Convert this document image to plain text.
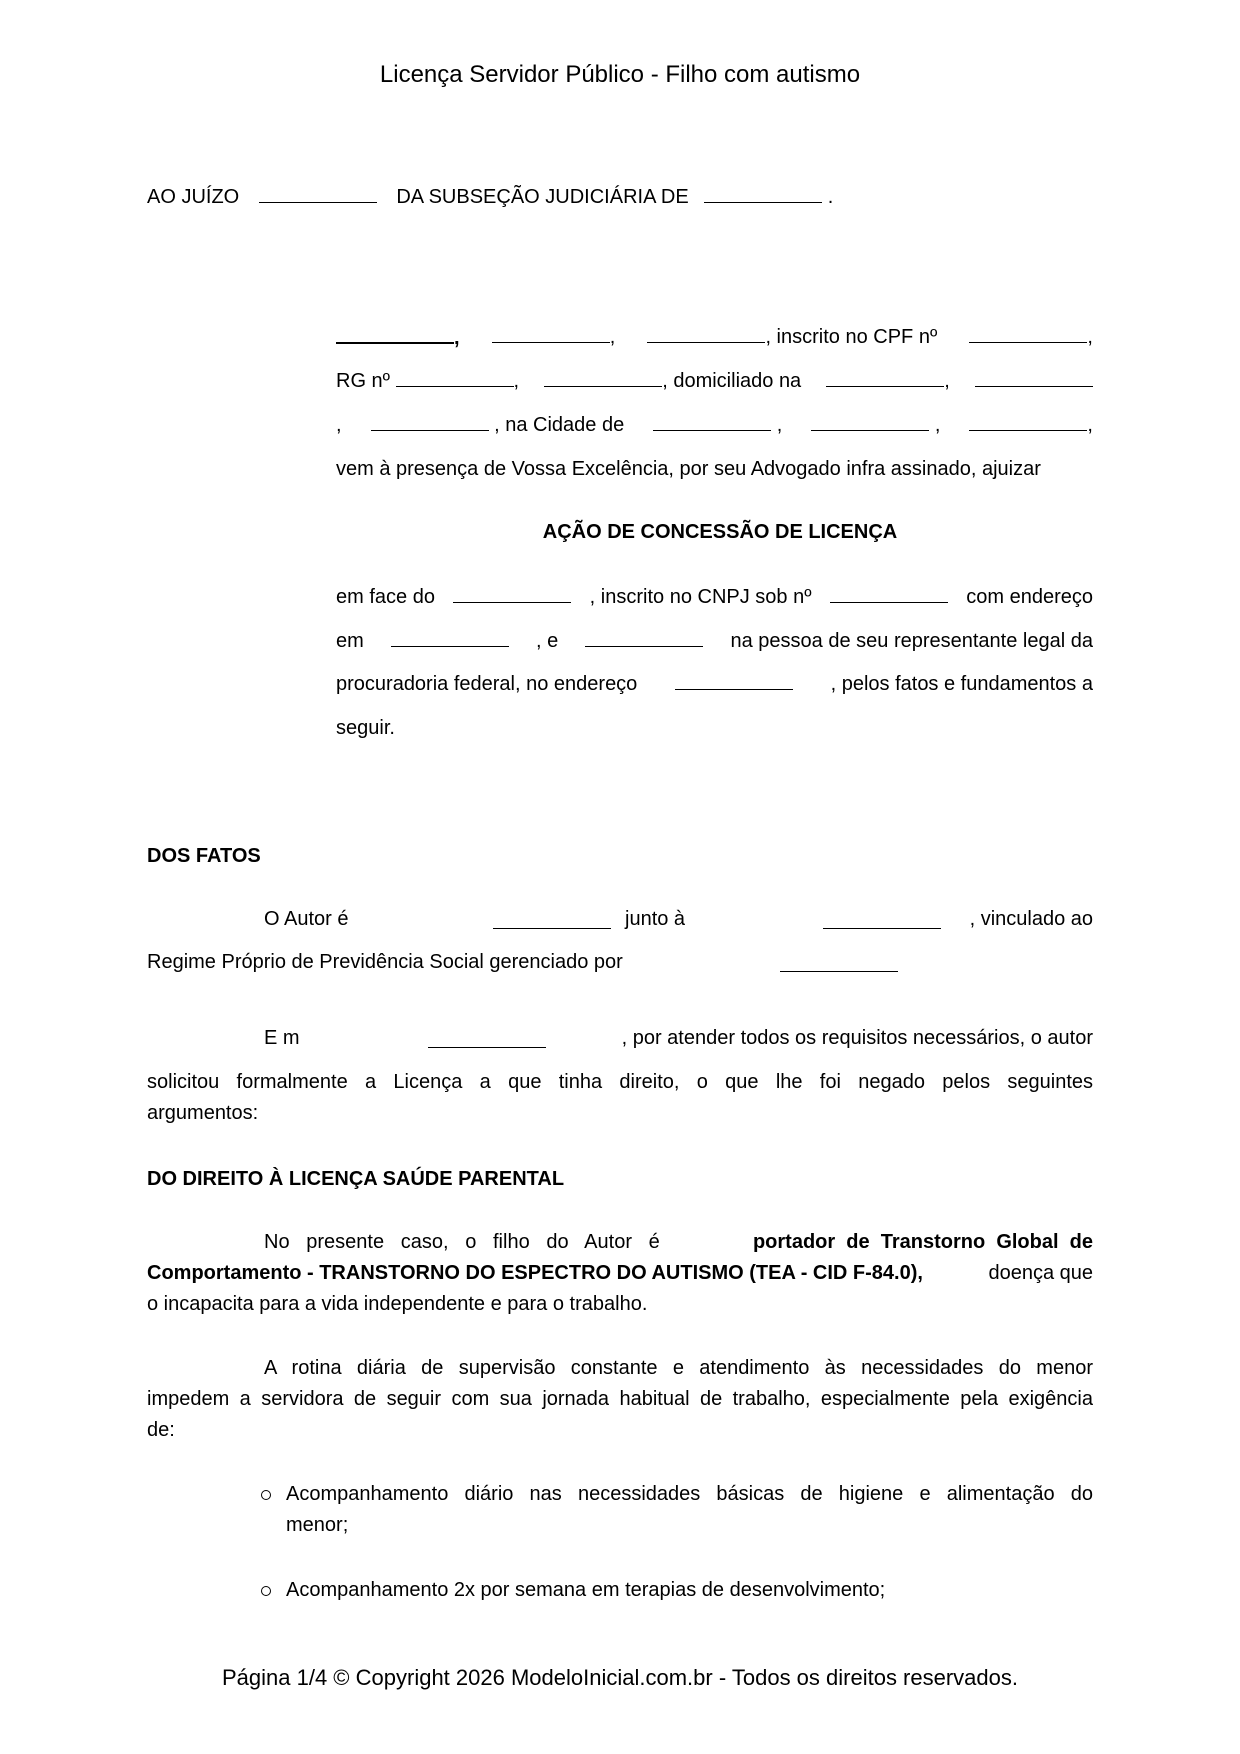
Licença Servidor Público - Filho com autismo
AO JUÍZO	DA SUBSEÇÃO JUDICIÁRIA DE	.
,	,	, inscrito no CPF nº	,
RG nº	,	, domiciliado na	,
,	, na Cidade de	,	,	,
vem à presença de Vossa Excelência, por seu Advogado infra assinado, ajuizar
AÇÃO DE CONCESSÃO DE LICENÇA
em face do	, inscrito no CNPJ sob nº	com endereço
em	, e	na pessoa de seu representante legal da
procuradoria federal, no endereço	, pelos fatos e fundamentos a
seguir.
DOS FATOS
O Autor é	junto à	, vinculado ao
Regime Próprio de Previdência Social gerenciado por
E m	, por atender todos os requisitos necessários, o autor
solicitou  formalmente  a  Licença  a  que  tinha  direito,  o  que  lhe  foi  negado  pelos  seguintes
argumentos:
DO DIREITO À LICENÇA SAÚDE PARENTAL
No   presente   caso,   o   filho   do   Autor   é	portador  de  Transtorno  Global  de
Comportamento - TRANSTORNO DO ESPECTRO DO AUTISMO (TEA - CID F-84.0),	doença que
o incapacita para a vida independente e para o trabalho.
A  rotina  diária  de  supervisão  constante  e  atendimento  às  necessidades  do  menor
impedem a servidora de seguir com sua jornada habitual de trabalho, especialmente pela exigência
de:
Acompanhamento  diário  nas  necessidades  básicas  de  higiene  e  alimentação  do
menor;
Acompanhamento 2x por semana em terapias de desenvolvimento;
Página 1/4 © Copyright 2026 ModeloInicial.com.br - Todos os direitos reservados.
